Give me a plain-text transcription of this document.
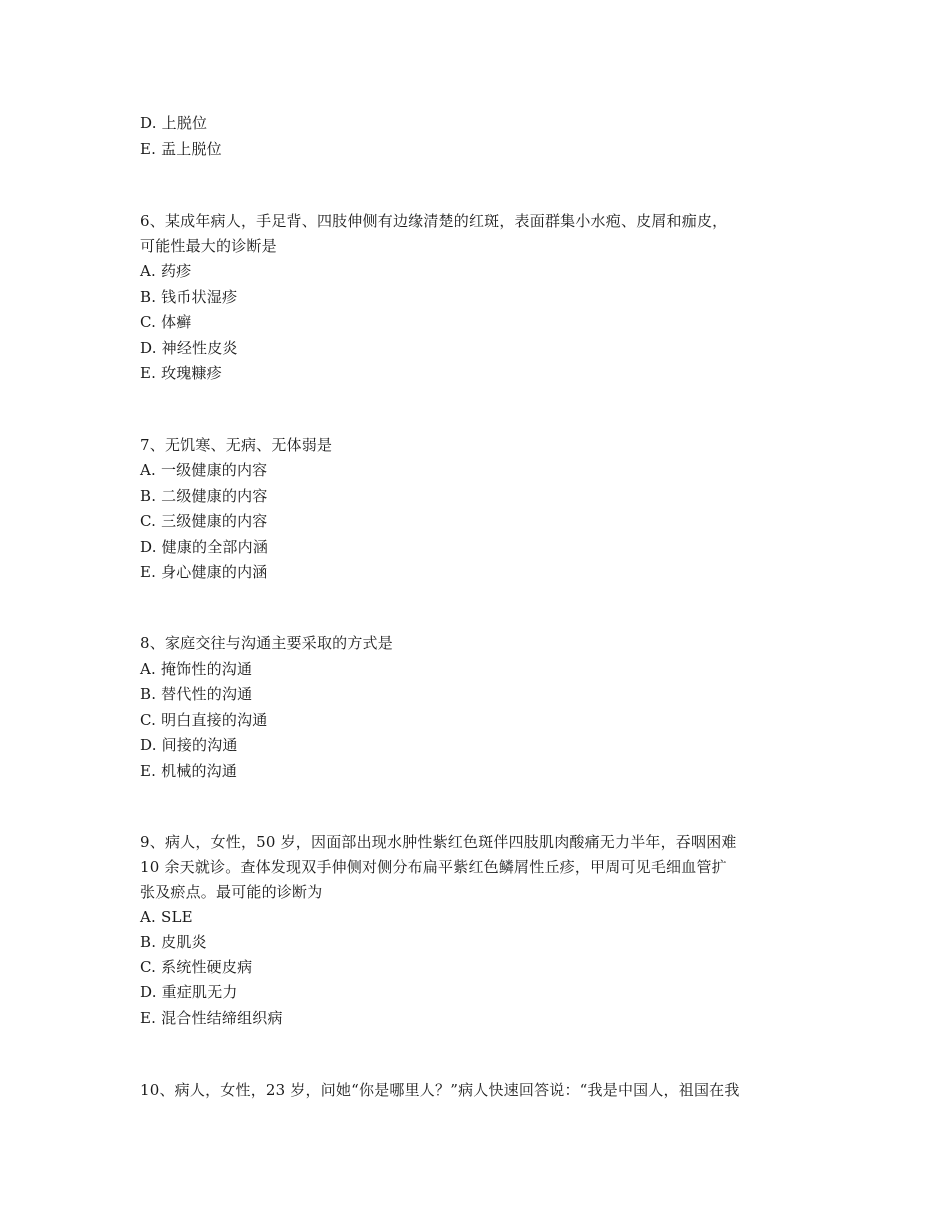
D. 上脱位
E. 盂上脱位
6、某成年病人，手足背、四肢伸侧有边缘清楚的红斑，表面群集小水疱、皮屑和痂皮，
可能性最大的诊断是
A. 药疹
B. 钱币状湿疹
C. 体癣
D. 神经性皮炎
E. 玫瑰糠疹
7、无饥寒、无病、无体弱是
A. 一级健康的内容
B. 二级健康的内容
C. 三级健康的内容
D. 健康的全部内涵
E. 身心健康的内涵
8、家庭交往与沟通主要采取的方式是
A. 掩饰性的沟通
B. 替代性的沟通
C. 明白直接的沟通
D. 间接的沟通
E. 机械的沟通
9、病人，女性，50 岁，因面部出现水肿性紫红色斑伴四肢肌肉酸痛无力半年，吞咽困难
10 余天就诊。查体发现双手伸侧对侧分布扁平紫红色鳞屑性丘疹，甲周可见毛细血管扩
张及瘀点。最可能的诊断为
A. SLE
B. 皮肌炎
C. 系统性硬皮病
D. 重症肌无力
E. 混合性结缔组织病
10、病人，女性，23 岁，问她“你是哪里人？”病人快速回答说：“我是中国人，祖国在我
